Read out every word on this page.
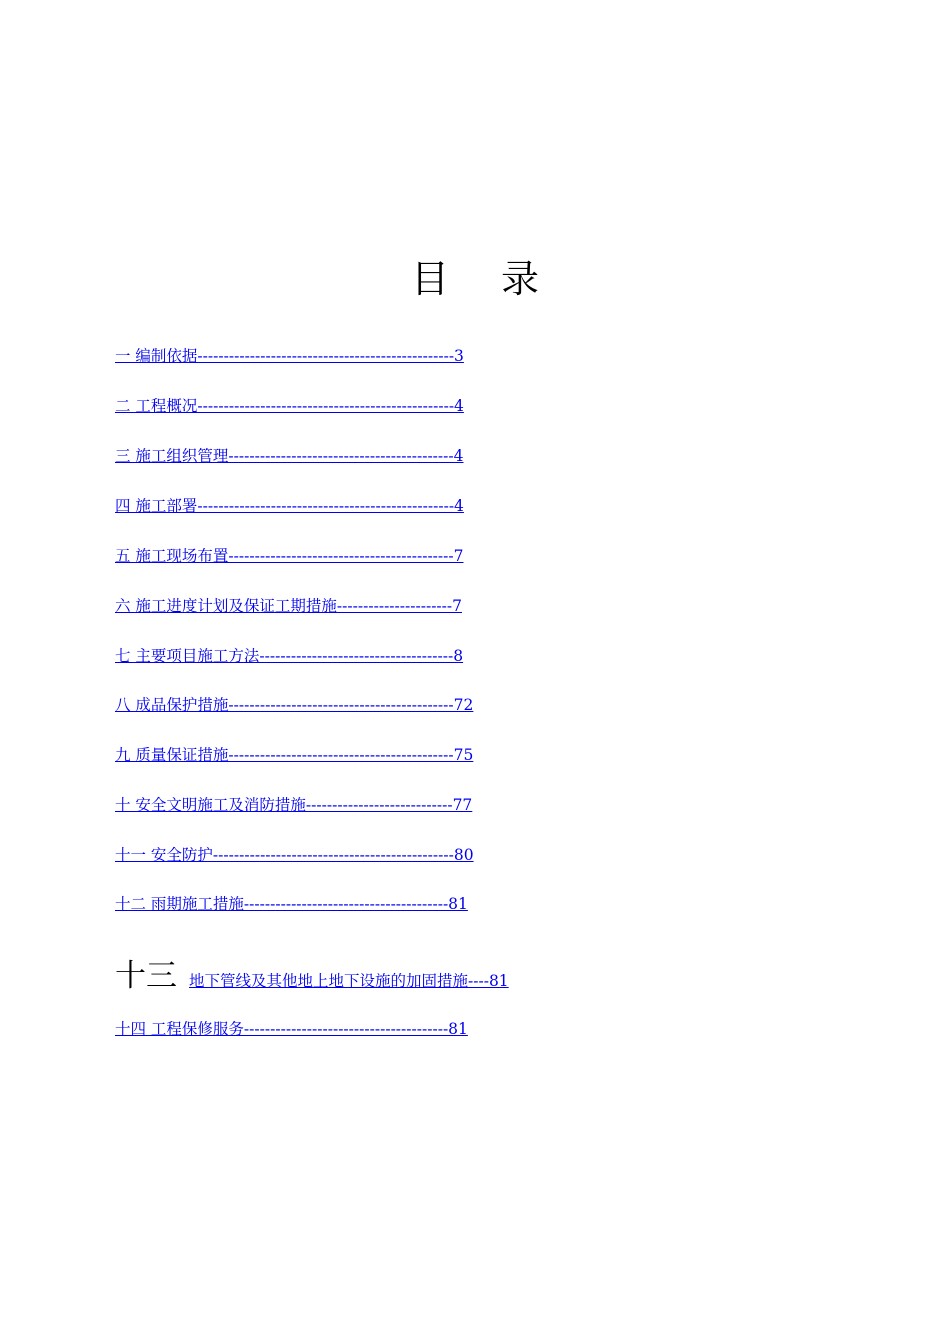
目 录
一 编制依据-------------------------------------------------3
二 工程概况-------------------------------------------------4
三 施工组织管理-------------------------------------------4
四 施工部署-------------------------------------------------4
五 施工现场布置-------------------------------------------7
六 施工进度计划及保证工期措施----------------------7
七 主要项目施工方法-------------------------------------8
八 成品保护措施-------------------------------------------72
九 质量保证措施-------------------------------------------75
十 安全文明施工及消防措施----------------------------77
十一 安全防护----------------------------------------------80
十二 雨期施工措施---------------------------------------81
十三 地下管线及其他地上地下设施的加固措施----81
十四 工程保修服务---------------------------------------81
